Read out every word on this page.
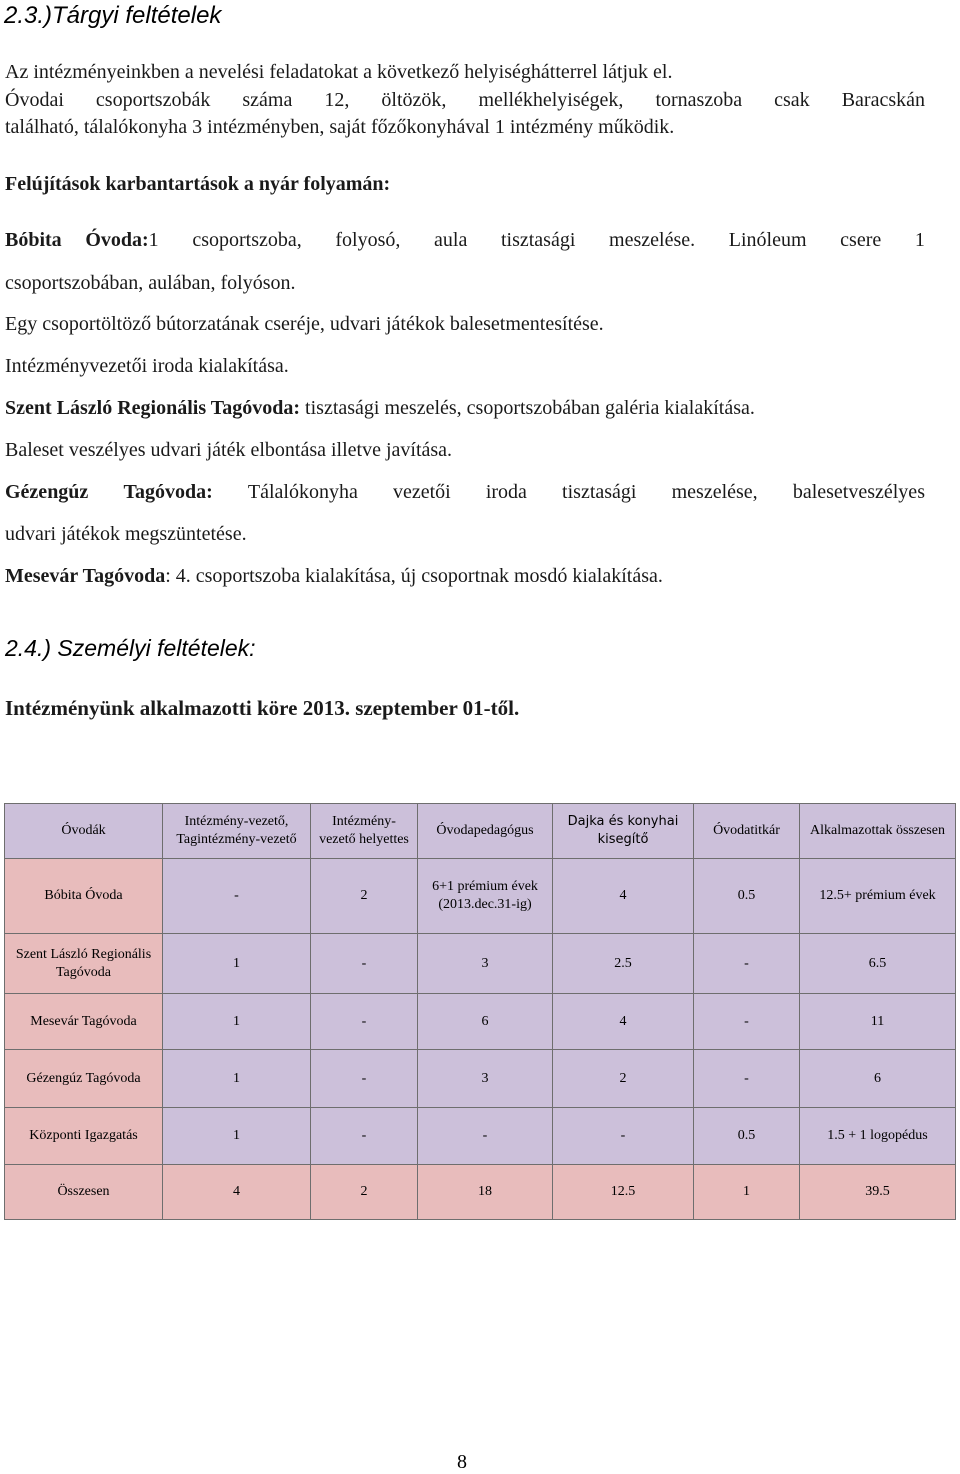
2.3.)Tárgyi feltételek
Az intézményeinkben a nevelési feladatokat a következő helyiséghátterrel látjuk el.
Óvodai csoportszobák száma 12, öltözök, mellékhelyiségek, tornaszoba csak Baracskán
található, tálalókonyha 3 intézményben, saját főzőkonyhával 1 intézmény működik.
Felújítások karbantartások a nyár folyamán:
Bóbita Óvoda:1 csoportszoba, folyosó, aula tisztasági meszelése. Linóleum csere 1
csoportszobában, aulában, folyóson.
Egy csoportöltöző bútorzatának cseréje, udvari játékok balesetmentesítése.
Intézményvezetői iroda kialakítása.
Szent László Regionális Tagóvoda: tisztasági meszelés, csoportszobában galéria kialakítása.
Baleset veszélyes udvari játék elbontása illetve javítása.
Gézengúz Tagóvoda: Tálalókonyha vezetői iroda tisztasági meszelése, balesetveszélyes
udvari játékok megszüntetése.
Mesevár Tagóvoda: 4. csoportszoba kialakítása, új csoportnak mosdó kialakítása.
2.4.) Személyi feltételek:
Intézményünk alkalmazotti köre 2013. szeptember 01-től.
Óvodák	Intézmény-vezető, Tagintézmény-vezető	Intézmény-vezető helyettes	Óvodapedagógus	Dajka és konyhai kisegítő	Óvodatitkár	Alkalmazottak összesen
Bóbita Óvoda	-	2	6+1 prémium évek (2013.dec.31-ig)	4	0.5	12.5+ prémium évek
Szent László Regionális Tagóvoda	1	-	3	2.5	-	6.5
Mesevár Tagóvoda	1	-	6	4	-	11
Gézengúz Tagóvoda	1	-	3	2	-	6
Központi Igazgatás	1	-	-	-	0.5	1.5 + 1 logopédus
Összesen	4	2	18	12.5	1	39.5
8
